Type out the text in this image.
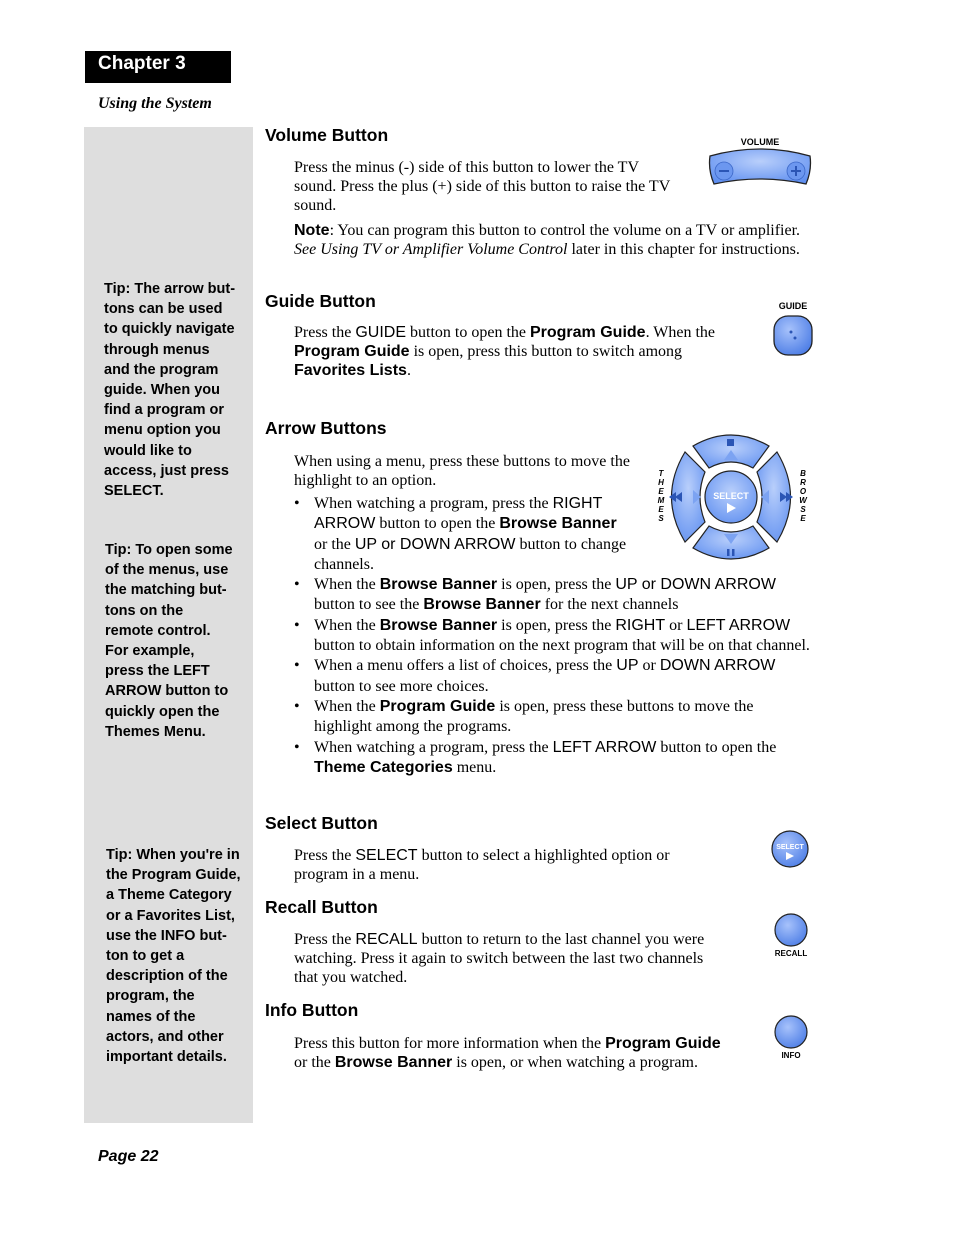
Chapter 3
Using the System
Tip: The arrow but-
tons can be used
to quickly navigate
through menus
and the program
guide. When you
find a program or
menu option you
would like to
access, just press
SELECT.
Tip: To open some
of the menus, use
the matching but-
tons on the
remote control.
For example,
press the LEFT
ARROW button to
quickly open the
Themes Menu.
Tip: When you're in
the Program Guide,
a Theme Category
or a Favorites List,
use the INFO but-
ton to get a
description of the
program, the
names of the
actors, and other
important details.
Volume Button
Press the minus (-) side of this button to lower the TV sound. Press the plus (+) side of this button to raise the TV sound.
Note: You can program this button to control the volume on a TV or amplifier. See Using TV or Amplifier Volume Control later in this chapter for instructions.
VOLUME
Guide Button
Press the GUIDE button to open the Program Guide. When the Program Guide is open, press this button to switch among Favorites Lists.
GUIDE
Arrow Buttons
When using a menu, press these buttons to move the highlight to an option.
SELECT
T H E M E S
B R O W S E
• When watching a program, press the RIGHT ARROW button to open the Browse Banner or the UP or DOWN ARROW button to change channels.
• When the Browse Banner is open, press the UP or DOWN ARROW button to see the Browse Banner for the next channels
• When the Browse Banner is open, press the RIGHT or LEFT ARROW button to obtain information on the next program that will be on that channel.
• When a menu offers a list of choices, press the UP or DOWN ARROW button to see more choices.
• When the Program Guide is open, press these buttons to move the highlight among the programs.
• When watching a program, press the LEFT ARROW button to open the Theme Categories menu.
Select Button
Press the SELECT button to select a highlighted option or program in a menu.
SELECT
Recall Button
Press the RECALL button to return to the last channel you were watching. Press it again to switch between the last two channels that you watched.
RECALL
Info Button
Press this button for more information when the Program Guide or the Browse Banner is open, or when watching a program.	INFO
Page 22
